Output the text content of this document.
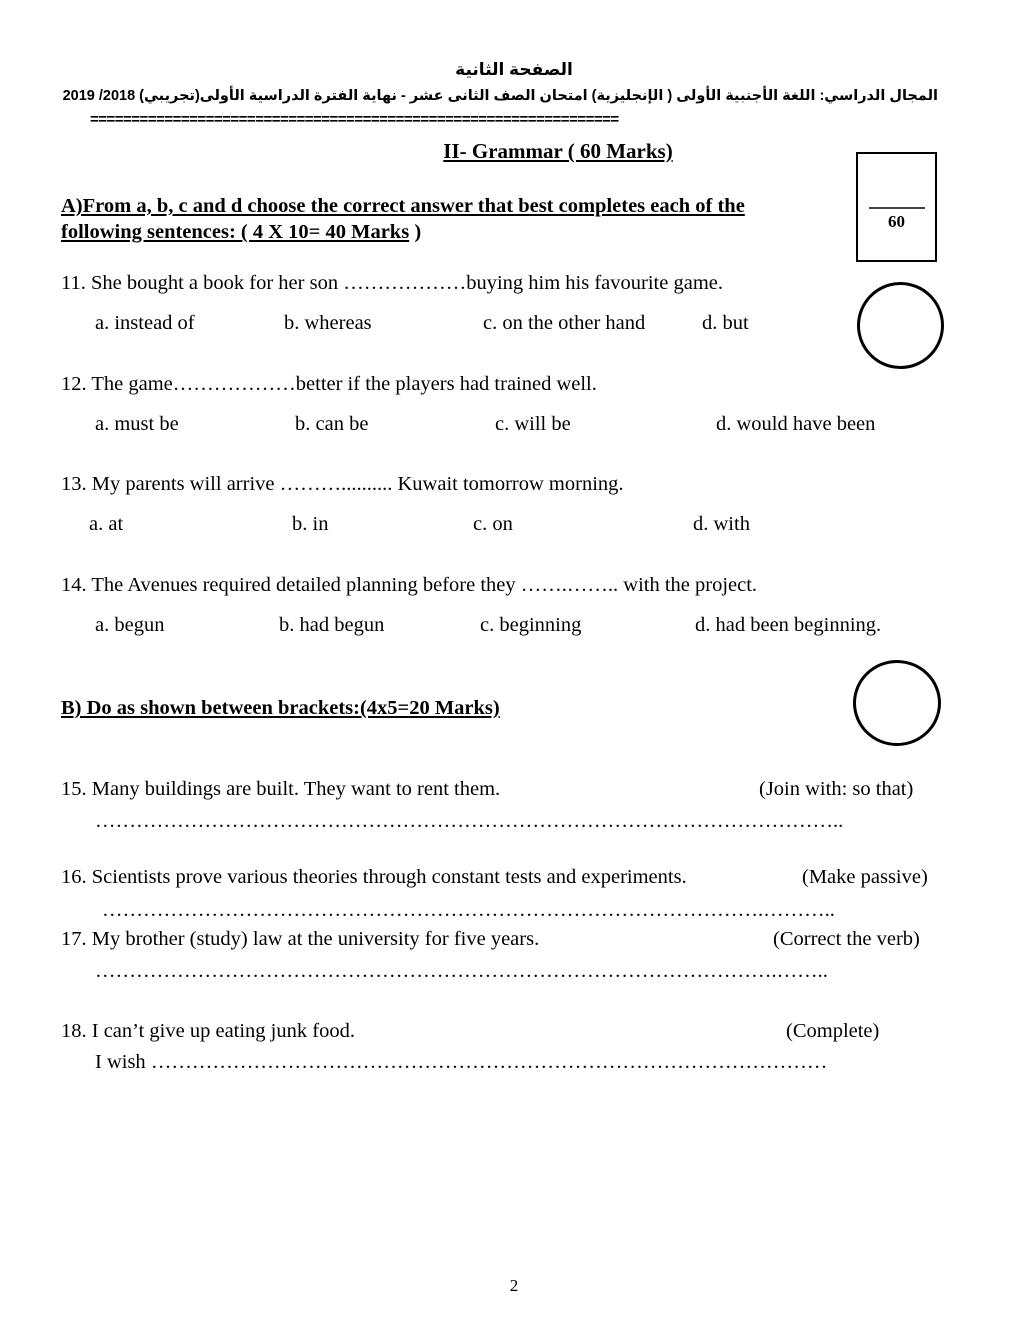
الصفحة الثانية
المجال الدراسي: اللغة الأجنبية الأولى ( الإنجليزية) امتحان الصف الثانى عشر - نهاية الفترة الدراسية الأولى(تجريبي) 2018/ 2019
================================================================
II- Grammar ( 60 Marks)
60
A)From a, b, c and d choose the correct answer that best completes each of the
following sentences: ( 4 X 10= 40 Marks )
11. She bought a book for her son ………………buying him his favourite game.
a. instead of	b. whereas	c. on the other hand	d. but
12. The game………………better if the players had trained well.
a. must be	b. can be	c. will be	d. would have been
13. My parents will arrive ……….......... Kuwait tomorrow morning.
a. at	b. in	c. on	d. with
14. The Avenues required detailed planning before they …….…….. with the project.
a. begun	b. had begun	c. beginning	d. had been beginning.
B) Do as shown between brackets:(4x5=20 Marks)
15. Many buildings are built. They want to rent them.	(Join with: so that)
………………………………………………………………………………………………..
16. Scientists prove various theories through constant tests and experiments.	(Make passive)
…………………………………………………………………………………….………..
17. My brother (study) law at the university for five years.	(Correct the verb)
……………………………………………………………………………………….……..
18. I can’t give up eating junk food.	(Complete)
I wish ………………………………………………………………………………………
2
